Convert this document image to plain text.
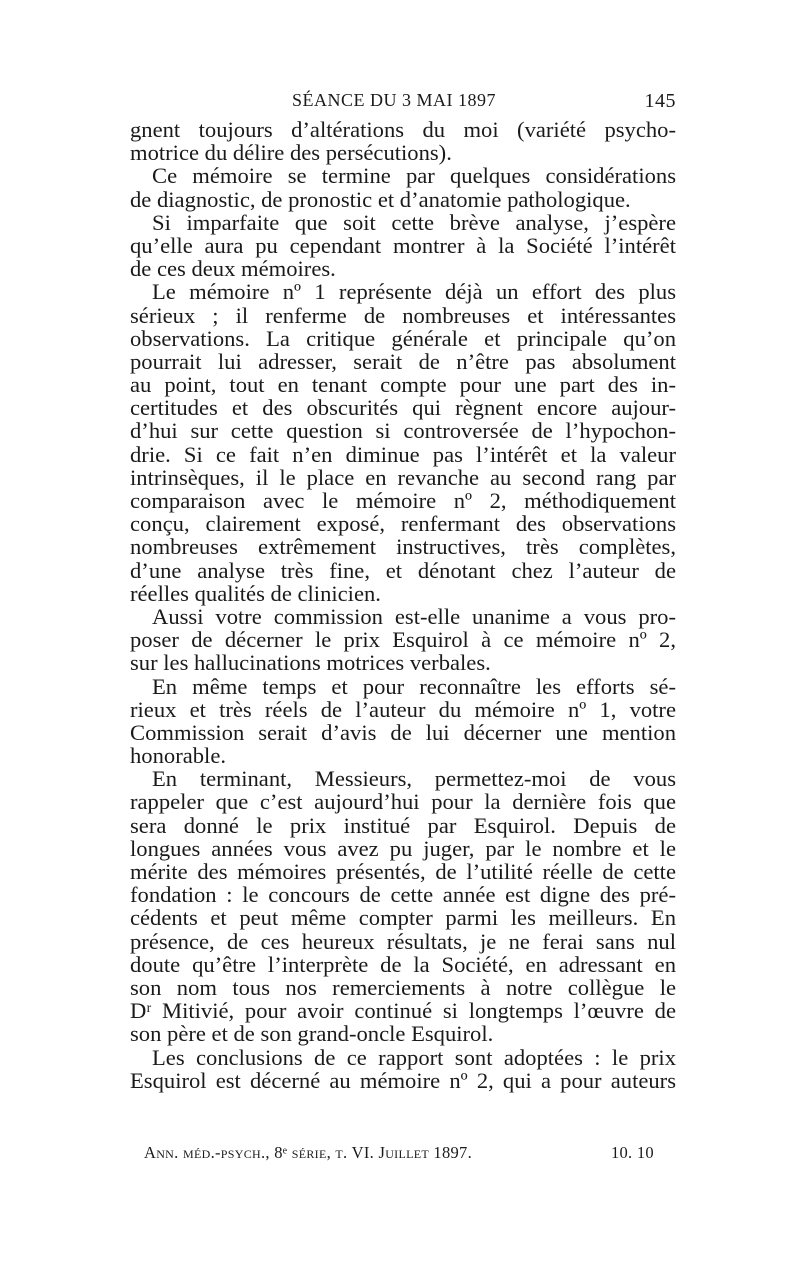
SÉANCE DU 3 MAI 1897	145
gnent toujours d’altérations du moi (variété psycho-
motrice du délire des persécutions).
Ce mémoire se termine par quelques considérations
de diagnostic, de pronostic et d’anatomie pathologique.
Si imparfaite que soit cette brève analyse, j’espère
qu’elle aura pu cependant montrer à la Société l’intérêt
de ces deux mémoires.
Le mémoire nº 1 représente déjà un effort des plus
sérieux ; il renferme de nombreuses et intéressantes
observations. La critique générale et principale qu’on
pourrait lui adresser, serait de n’être pas absolument
au point, tout en tenant compte pour une part des in-
certitudes et des obscurités qui règnent encore aujour-
d’hui sur cette question si controversée de l’hypochon-
drie. Si ce fait n’en diminue pas l’intérêt et la valeur
intrinsèques, il le place en revanche au second rang par
comparaison avec le mémoire nº 2, méthodiquement
conçu, clairement exposé, renfermant des observations
nombreuses extrêmement instructives, très complètes,
d’une analyse très fine, et dénotant chez l’auteur de
réelles qualités de clinicien.
Aussi votre commission est-elle unanime a vous pro-
poser de décerner le prix Esquirol à ce mémoire nº 2,
sur les hallucinations motrices verbales.
En même temps et pour reconnaître les efforts sé-
rieux et très réels de l’auteur du mémoire nº 1, votre
Commission serait d’avis de lui décerner une mention
honorable.
En terminant, Messieurs, permettez-moi de vous
rappeler que c’est aujourd’hui pour la dernière fois que
sera donné le prix institué par Esquirol. Depuis de
longues années vous avez pu juger, par le nombre et le
mérite des mémoires présentés, de l’utilité réelle de cette
fondation : le concours de cette année est digne des pré-
cédents et peut même compter parmi les meilleurs. En
présence, de ces heureux résultats, je ne ferai sans nul
doute qu’être l’interprète de la Société, en adressant en
son nom tous nos remerciements à notre collègue le
Dʳ Mitivié, pour avoir continué si longtemps l’œuvre de
son père et de son grand-oncle Esquirol.
Les conclusions de ce rapport sont adoptées : le prix
Esquirol est décerné au mémoire nº 2, qui a pour auteurs
Ann. méd.-psych., 8ᵉ série, t. VI. Juillet 1897.	10. 10
